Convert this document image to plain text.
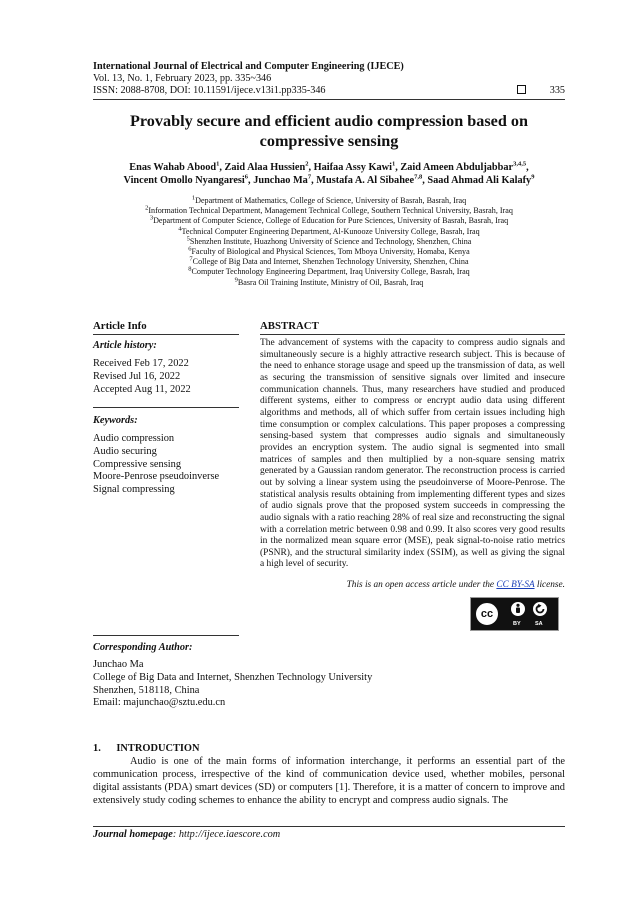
International Journal of Electrical and Computer Engineering (IJECE)
Vol. 13, No. 1, February 2023, pp. 335~346
ISSN: 2088-8708, DOI: 10.11591/ijece.v13i1.pp335-346	335
Provably secure and efficient audio compression based on
compressive sensing
Enas Wahab Abood$^1$, Zaid Alaa Hussien$^2$, Haifaa Assy Kawi$^1$, Zaid Ameen Abduljabbar$^{3,4,5}$,
Vincent Omollo Nyangaresi$^6$, Junchao Ma$^7$, Mustafa A. Al Sibahee$^{7,8}$, Saad Ahmad Ali Kalafy$^9$
$^1$Department of Mathematics, College of Science, University of Basrah, Basrah, Iraq
$^2$Information Technical Department, Management Technical College, Southern Technical University, Basrah, Iraq
$^3$Department of Computer Science, College of Education for Pure Sciences, University of Basrah, Basrah, Iraq
$^4$Technical Computer Engineering Department, Al-Kunooze University College, Basrah, Iraq
$^5$Shenzhen Institute, Huazhong University of Science and Technology, Shenzhen, China
$^6$Faculty of Biological and Physical Sciences, Tom Mboya University, Homaba, Kenya
$^7$College of Big Data and Internet, Shenzhen Technology University, Shenzhen, China
$^8$Computer Technology Engineering Department, Iraq University College, Basrah, Iraq
$^9$Basra Oil Training Institute, Ministry of Oil, Basrah, Iraq
Article Info	ABSTRACT
Article history:
Received Feb 17, 2022
Revised Jul 16, 2022
Accepted Aug 11, 2022
Keywords:
Audio compression
Audio securing
Compressive sensing
Moore-Penrose pseudoinverse
Signal compressing
The advancement of systems with the capacity to compress audio signals and simultaneously secure is a highly attractive research subject. This is because of the need to enhance storage usage and speed up the transmission of data, as well as securing the transmission of sensitive signals over limited and insecure communication channels. Thus, many researchers have studied and produced different systems, either to compress or encrypt audio data using different algorithms and methods, all of which suffer from certain issues including high time consumption or complex calculations. This paper proposes a compressing sensing-based system that compresses audio signals and simultaneously provides an encryption system. The audio signal is segmented into small matrices of samples and then multiplied by a non-square sensing matrix generated by a Gaussian random generator. The reconstruction process is carried out by solving a linear system using the pseudoinverse of Moore-Penrose. The statistical analysis results obtaining from implementing different types and sizes of audio signals prove that the proposed system succeeds in compressing the audio signals with a ratio reaching 28% of real size and reconstructing the signal with a correlation metric between 0.98 and 0.99. It also scores very good results in the normalized mean square error (MSE), peak signal-to-noise ratio metrics (PSNR), and the structural similarity index (SSIM), as well as giving the signal a high level of security.
This is an open access article under the CC BY-SA license.
cc
BY	SA
Corresponding Author:
Junchao Ma
College of Big Data and Internet, Shenzhen Technology University
Shenzhen, 518118, China
Email: majunchao@sztu.edu.cn
1.      INTRODUCTION
Audio is one of the main forms of information interchange, it performs an essential part of the communication process, irrespective of the kind of communication device used, whether mobiles, personal digital assistants (PDA) smart devices (SD) or computers [1]. Therefore, it is a matter of concern to improve and extensively study coding schemes to enhance the ability to encrypt and compress audio signals. The
Journal homepage: http://ijece.iaescore.com
